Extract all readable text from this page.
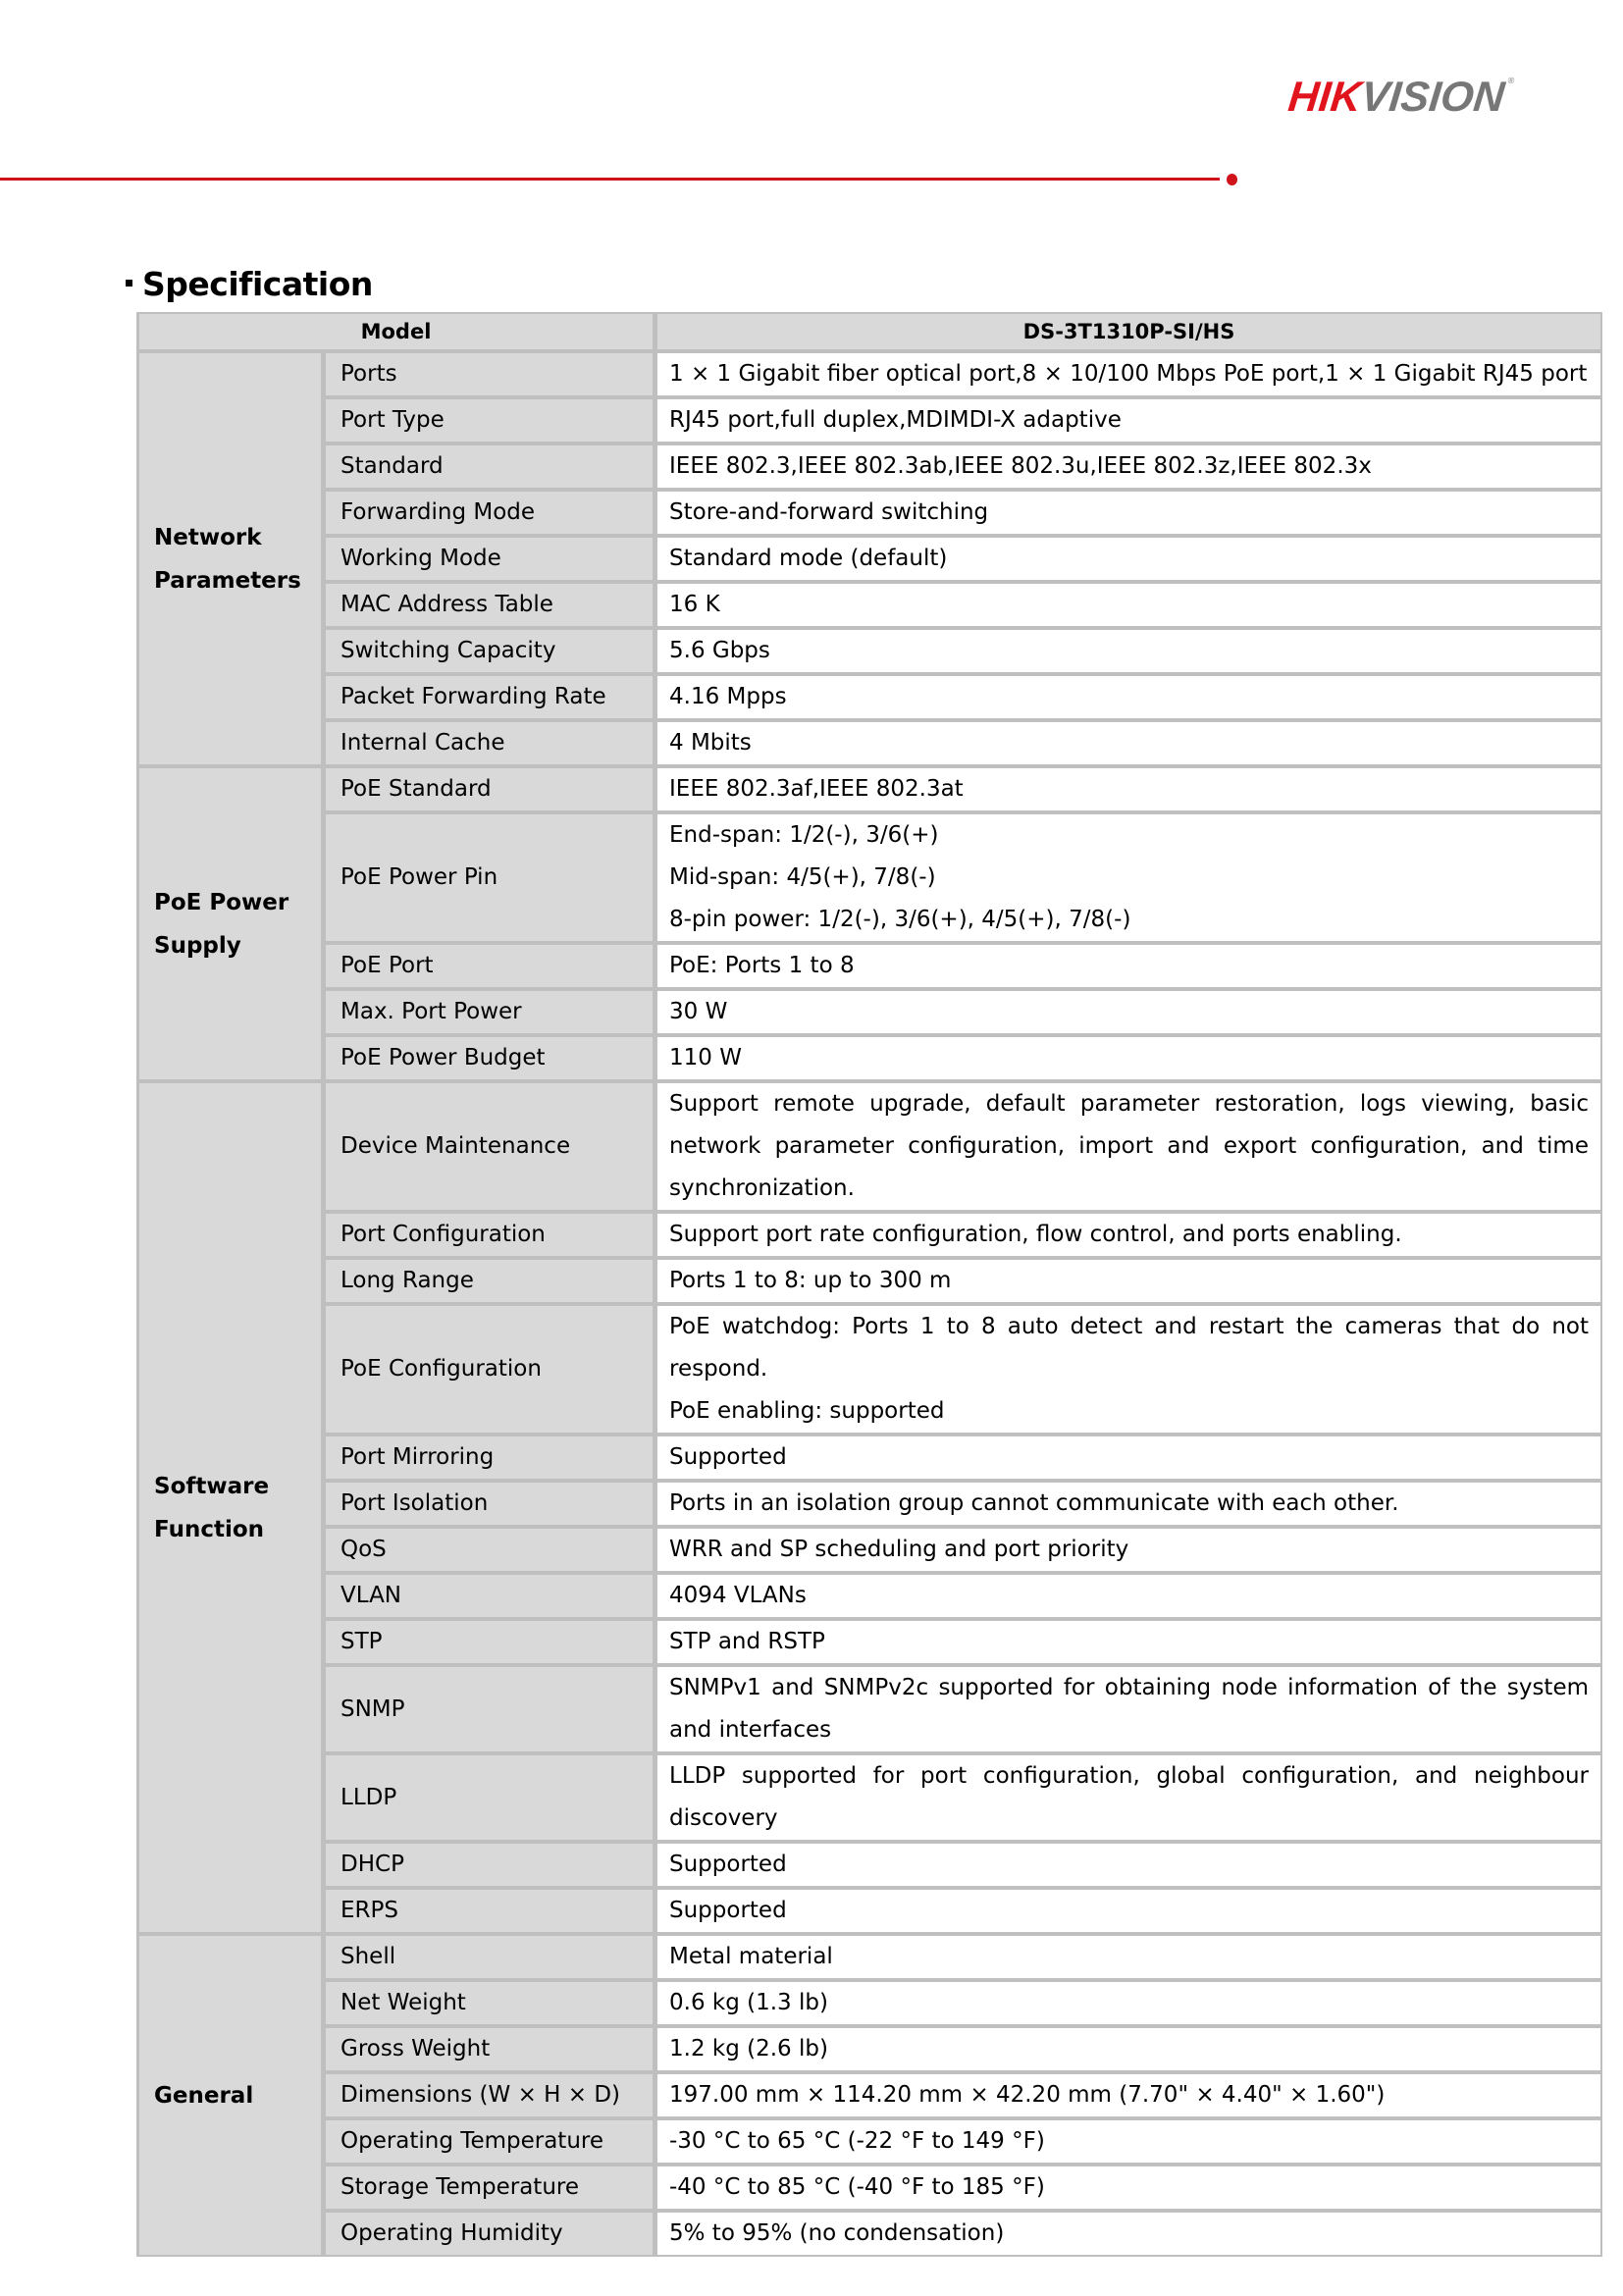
HIKVISION®
Specification
Model		DS-3T1310P-SI/HS

Network
Parameters	Ports	1 × 1 Gigabit fiber optical port,8 × 10/100 Mbps PoE port,1 × 1 Gigabit RJ45 port

	Port Type	RJ45 port,full duplex,MDIMDI-X adaptive

	Standard	IEEE 802.3,IEEE 802.3ab,IEEE 802.3u,IEEE 802.3z,IEEE 802.3x

	Forwarding Mode	Store-and-forward switching

	Working Mode	Standard mode (default)

	MAC Address Table	16 K

	Switching Capacity	5.6 Gbps

	Packet Forwarding Rate	4.16 Mpps

	Internal Cache	4 Mbits

PoE Power
Supply	PoE Standard	IEEE 802.3af,IEEE 802.3at

	PoE Power Pin	End-span: 1/2(-), 3/6(+)
Mid-span: 4/5(+), 7/8(-)
8-pin power: 1/2(-), 3/6(+), 4/5(+), 7/8(-)

	PoE Port	PoE: Ports 1 to 8

	Max. Port Power	30 W

	PoE Power Budget	110 W

Software
Function	Device Maintenance	Support remote upgrade, default parameter restoration, logs viewing, basic network parameter configuration, import and export configuration, and time synchronization.

	Port Configuration	Support port rate configuration, flow control, and ports enabling.

	Long Range	Ports 1 to 8: up to 300 m

	PoE Configuration	PoE watchdog: Ports 1 to 8 auto detect and restart the cameras that do not respond.
PoE enabling: supported

	Port Mirroring	Supported

	Port Isolation	Ports in an isolation group cannot communicate with each other.

	QoS	WRR and SP scheduling and port priority

	VLAN	4094 VLANs

	STP	STP and RSTP

	SNMP	SNMPv1 and SNMPv2c supported for obtaining node information of the system and interfaces

	LLDP	LLDP supported for port configuration, global configuration, and neighbour discovery

	DHCP	Supported

	ERPS	Supported

General	Shell	Metal material

	Net Weight	0.6 kg (1.3 lb)

	Gross Weight	1.2 kg (2.6 lb)

	Dimensions (W × H × D)	197.00 mm × 114.20 mm × 42.20 mm (7.70" × 4.40" × 1.60")

	Operating Temperature	-30 °C to 65 °C (-22 °F to 149 °F)

	Storage Temperature	-40 °C to 85 °C (-40 °F to 185 °F)

	Operating Humidity	5% to 95% (no condensation)
